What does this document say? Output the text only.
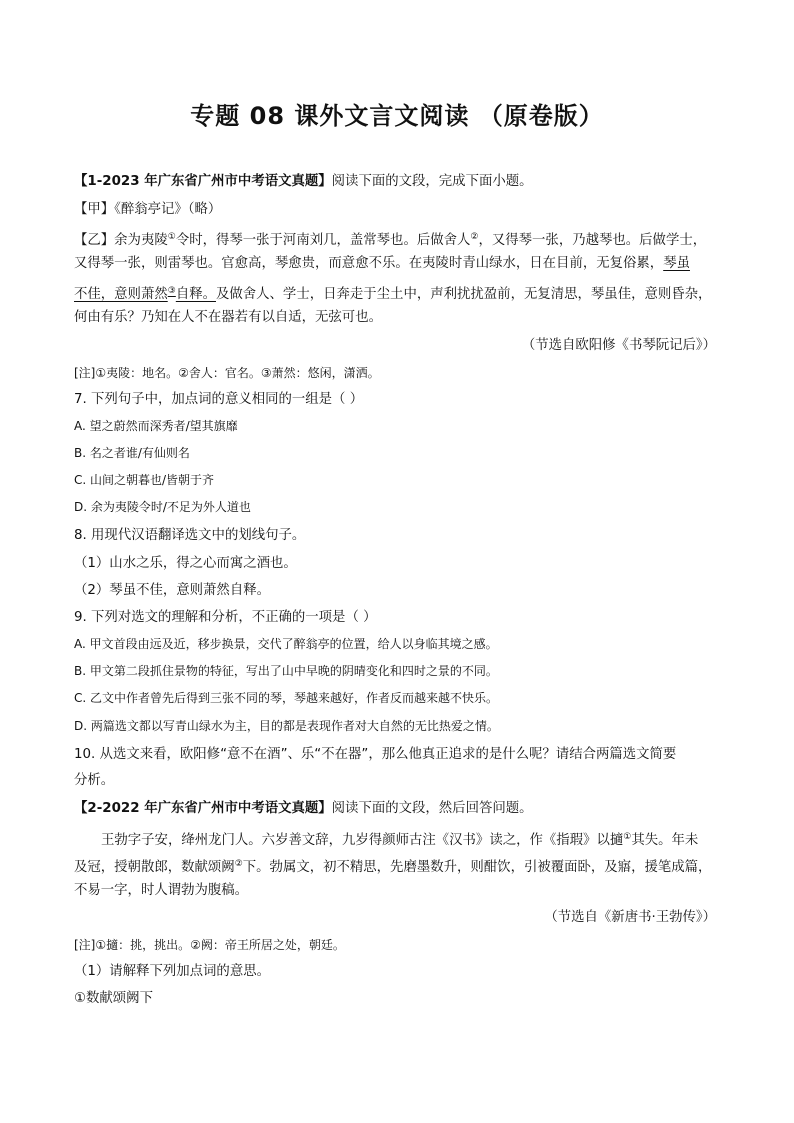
专题 08 课外文言文阅读 （原卷版）
【1-2023 年广东省广州市中考语文真题】阅读下面的文段，完成下面小题。
【甲】《醉翁亭记》（略）
【乙】余为夷陵①令时，得琴一张于河南刘几，盖常琴也。后做舍人②，又得琴一张，乃越琴也。后做学士，
又得琴一张，则雷琴也。官愈高，琴愈贵，而意愈不乐。在夷陵时青山绿水，日在目前，无复俗累，琴虽
不佳，意则萧然③自释。及做舍人、学士，日奔走于尘土中，声利扰扰盈前，无复清思，琴虽佳，意则昏杂，
何由有乐？乃知在人不在器若有以自适，无弦可也。
（节选自欧阳修《书琴阮记后》）
[注]①夷陵：地名。②舍人：官名。③萧然：悠闲，潇洒。
7. 下列句子中，加点词的意义相同的一组是（ ）
A. 望之蔚然而深秀者/望其旗靡
B. 名之者谁/有仙则名
C. 山间之朝暮也/皆朝于齐
D. 余为夷陵令时/不足为外人道也
8. 用现代汉语翻译选文中的划线句子。
（1）山水之乐，得之心而寓之酒也。
（2）琴虽不佳，意则萧然自释。
9. 下列对选文的理解和分析，不正确的一项是（ ）
A. 甲文首段由远及近，移步换景，交代了醉翁亭的位置，给人以身临其境之感。
B. 甲文第二段抓住景物的特征，写出了山中早晚的阴晴变化和四时之景的不同。
C. 乙文中作者曾先后得到三张不同的琴，琴越来越好，作者反而越来越不快乐。
D. 两篇选文都以写青山绿水为主，目的都是表现作者对大自然的无比热爱之情。
10. 从选文来看，欧阳修“意不在酒”、乐“不在器”，那么他真正追求的是什么呢？请结合两篇选文简要
分析。
【2-2022 年广东省广州市中考语文真题】阅读下面的文段，然后回答问题。
王勃字子安，绛州龙门人。六岁善文辞，九岁得颜师古注《汉书》读之，作《指瑕》以擿①其失。年未
及冠，授朝散郎，数献颂阙②下。勃属文，初不精思，先磨墨数升，则酣饮，引被覆面卧，及寤，援笔成篇，
不易一字，时人谓勃为腹稿。
（节选自《新唐书·王勃传》）
[注]①擿：挑，挑出。②阙：帝王所居之处，朝廷。
（1）请解释下列加点词的意思。
①数献颂阙下
